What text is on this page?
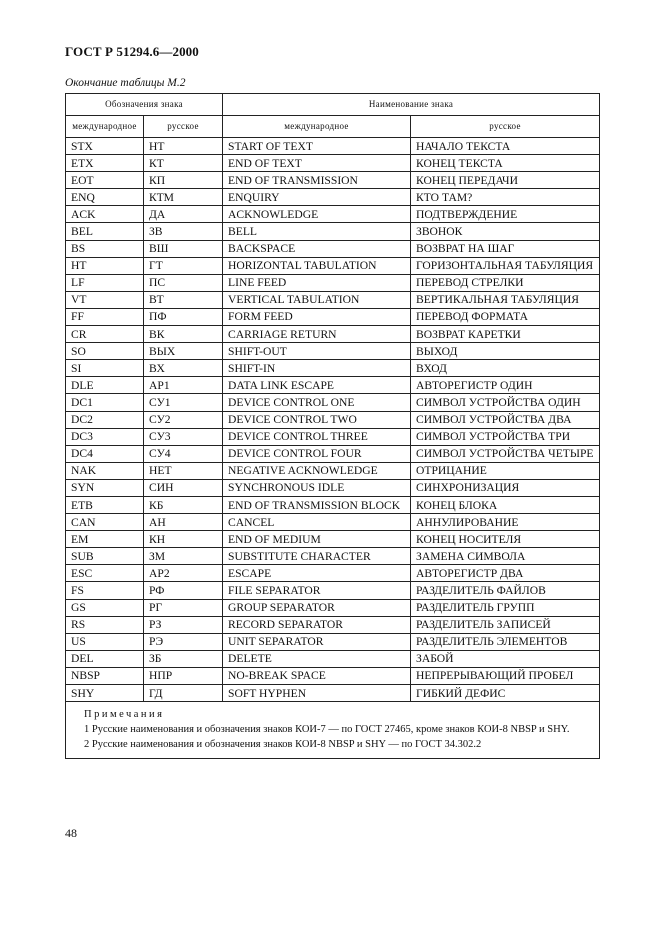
ГОСТ Р 51294.6—2000
Окончание таблицы М.2
Обозначения знака		Наименование знака	
международное	русское	международное	русское
STX	НТ	START OF TEXT	НАЧАЛО ТЕКСТА
ETX	КТ	END OF TEXT	КОНЕЦ ТЕКСТА
EOT	КП	END OF TRANSMISSION	КОНЕЦ ПЕРЕДАЧИ
ENQ	КТМ	ENQUIRY	КТО ТАМ?
ACK	ДА	ACKNOWLEDGE	ПОДТВЕРЖДЕНИЕ
BEL	ЗВ	BELL	ЗВОНОК
BS	ВШ	BACKSPACE	ВОЗВРАТ НА ШАГ
HT	ГТ	HORIZONTAL TABULATION	ГОРИЗОНТАЛЬНАЯ ТАБУЛЯЦИЯ
LF	ПС	LINE FEED	ПЕРЕВОД СТРЕЛКИ
VT	ВТ	VERTICAL TABULATION	ВЕРТИКАЛЬНАЯ ТАБУЛЯЦИЯ
FF	ПФ	FORM FEED	ПЕРЕВОД ФОРМАТА
CR	ВК	CARRIAGE RETURN	ВОЗВРАТ КАРЕТКИ
SO	ВЫХ	SHIFT-OUT	ВЫХОД
SI	ВХ	SHIFT-IN	ВХОД
DLE	АР1	DATA LINK ESCAPE	АВТОРЕГИСТР ОДИН
DC1	СУ1	DEVICE CONTROL ONE	СИМВОЛ УСТРОЙСТВА ОДИН
DC2	СУ2	DEVICE CONTROL TWO	СИМВОЛ УСТРОЙСТВА ДВА
DC3	СУ3	DEVICE CONTROL THREE	СИМВОЛ УСТРОЙСТВА ТРИ
DC4	СУ4	DEVICE CONTROL FOUR	СИМВОЛ УСТРОЙСТВА ЧЕТЫРЕ
NAK	НЕТ	NEGATIVE ACKNOWLEDGE	ОТРИЦАНИЕ
SYN	СИН	SYNCHRONOUS IDLE	СИНХРОНИЗАЦИЯ
ETB	КБ	END OF TRANSMISSION BLOCK	КОНЕЦ БЛОКА
CAN	АН	CANCEL	АННУЛИРОВАНИЕ
EM	КН	END OF MEDIUM	КОНЕЦ НОСИТЕЛЯ
SUB	ЗМ	SUBSTITUTE CHARACTER	ЗАМЕНА СИМВОЛА
ESC	АР2	ESCAPE	АВТОРЕГИСТР ДВА
FS	РФ	FILE SEPARATOR	РАЗДЕЛИТЕЛЬ ФАЙЛОВ
GS	РГ	GROUP SEPARATOR	РАЗДЕЛИТЕЛЬ ГРУПП
RS	РЗ	RECORD SEPARATOR	РАЗДЕЛИТЕЛЬ ЗАПИСЕЙ
US	РЭ	UNIT SEPARATOR	РАЗДЕЛИТЕЛЬ ЭЛЕМЕНТОВ
DEL	ЗБ	DELETE	ЗАБОЙ
NBSP	НПР	NO-BREAK SPACE	НЕПРЕРЫВАЮЩИЙ ПРОБЕЛ
SHY	ГД	SOFT HYPHEN	ГИБКИЙ ДЕФИС

Примечания
1 Русские наименования и обозначения знаков КОИ-7 — по ГОСТ 27465, кроме знаков КОИ-8 NBSP и SHY.
2 Русские наименования и обозначения знаков КОИ-8 NBSP и SHY — по ГОСТ 34.302.2			
48
